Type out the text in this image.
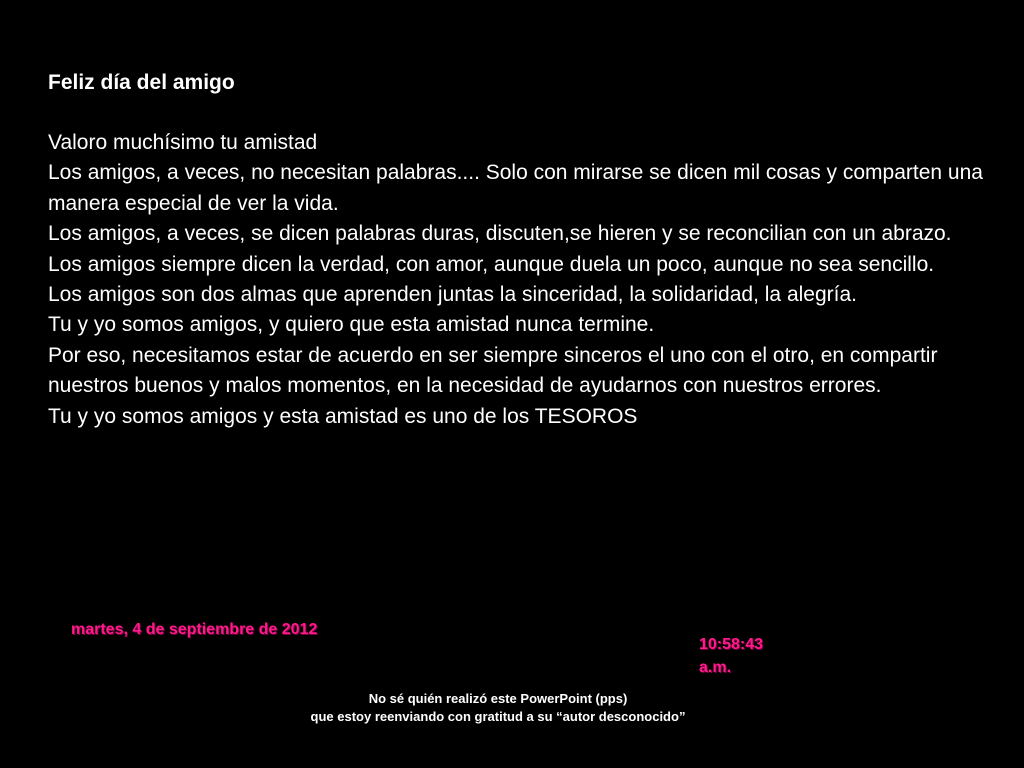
Feliz día del amigo

Valoro muchísimo tu amistad

Los amigos, a veces, no necesitan palabras.... Solo con mirarse se dicen mil cosas y comparten una manera especial de ver la vida.

Los amigos, a veces, se dicen palabras duras, discuten,se hieren y se reconcilian con un abrazo.

Los amigos siempre dicen la verdad, con amor, aunque duela un poco, aunque no sea sencillo.

Los amigos son dos almas que aprenden juntas la sinceridad, la solidaridad, la alegría.

Tu y yo somos amigos, y quiero que esta amistad nunca termine.

Por eso, necesitamos estar de acuerdo en ser siempre sinceros el uno con el otro, en compartir nuestros buenos y malos momentos, en la necesidad de ayudarnos con nuestros errores.

Tu y yo somos amigos y esta amistad es uno de los TESOROS

martes, 4 de septiembre de 2012
10:58:43 a.m.
No sé quién realizó este PowerPoint (pps)
que estoy reenviando con gratitud a su “autor desconocido”
